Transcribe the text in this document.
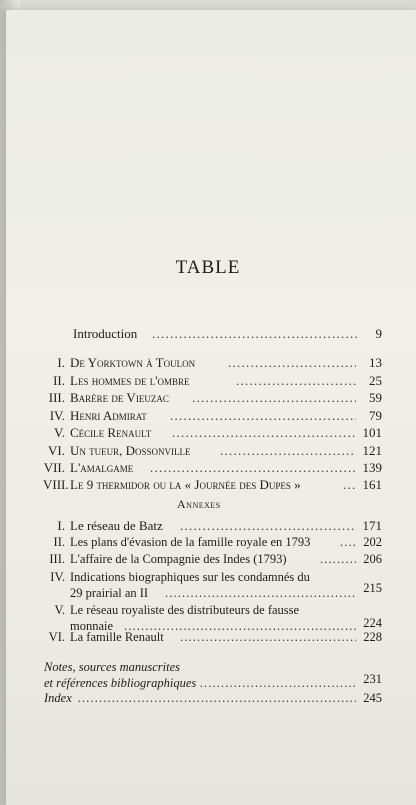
TABLE
Introduction . . .	9
I. De Yorktown à Toulon . . .	13
II. Les hommes de l'ombre . . .	25
III. Barère de Vieuzac . . .	59
IV. Henri Admirat . . .	79
V. Cécile Renault . . .	101
VI. Un tueur, Dossonville . . .	121
VII. L'amalgame . . .	139
VIII. Le 9 thermidor ou la « Journée des Dupes » . . .	161
Annexes
I. Le réseau de Batz . . .	171
II. Les plans d'évasion de la famille royale en 1793 . . .	202
III. L'affaire de la Compagnie des Indes (1793) . . .	206
IV. Indications biographiques sur les condamnés du
29 prairial an II . . .	215
V. Le réseau royaliste des distributeurs de fausse
monnaie . . .	224
VI. La famille Renault . . .	228
Notes, sources manuscrites
et références bibliographiques . . .	231
Index . . .	245
